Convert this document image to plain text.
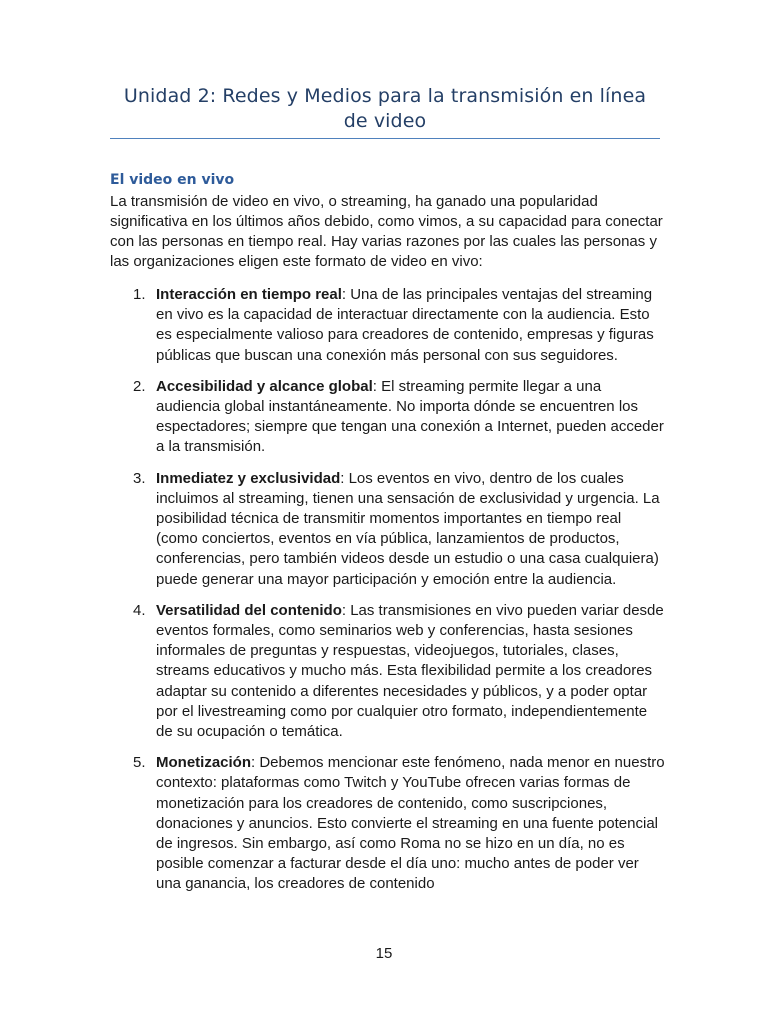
Unidad 2: Redes y Medios para la transmisión en línea de video
El video en vivo
La transmisión de video en vivo, o streaming, ha ganado una popularidad significativa en los últimos años debido, como vimos, a su capacidad para conectar con las personas en tiempo real. Hay varias razones por las cuales las personas y las organizaciones eligen este formato de video en vivo:
1. Interacción en tiempo real: Una de las principales ventajas del streaming en vivo es la capacidad de interactuar directamente con la audiencia. Esto es especialmente valioso para creadores de contenido, empresas y figuras públicas que buscan una conexión más personal con sus seguidores.
2. Accesibilidad y alcance global: El streaming permite llegar a una audiencia global instantáneamente. No importa dónde se encuentren los espectadores; siempre que tengan una conexión a Internet, pueden acceder a la transmisión.
3. Inmediatez y exclusividad: Los eventos en vivo, dentro de los cuales incluimos al streaming, tienen una sensación de exclusividad y urgencia. La posibilidad técnica de transmitir momentos importantes en tiempo real (como conciertos, eventos en vía pública, lanzamientos de productos, conferencias, pero también videos desde un estudio o una casa cualquiera) puede generar una mayor participación y emoción entre la audiencia.
4. Versatilidad del contenido: Las transmisiones en vivo pueden variar desde eventos formales, como seminarios web y conferencias, hasta sesiones informales de preguntas y respuestas, videojuegos, tutoriales, clases, streams educativos y mucho más. Esta flexibilidad permite a los creadores adaptar su contenido a diferentes necesidades y públicos, y a poder optar por el livestreaming como por cualquier otro formato, independientemente de su ocupación o temática.
5. Monetización: Debemos mencionar este fenómeno, nada menor en nuestro contexto: plataformas como Twitch y YouTube ofrecen varias formas de monetización para los creadores de contenido, como suscripciones, donaciones y anuncios. Esto convierte el streaming en una fuente potencial de ingresos. Sin embargo, así como Roma no se hizo en un día, no es posible comenzar a facturar desde el día uno: mucho antes de poder ver una ganancia, los creadores de contenido
15
